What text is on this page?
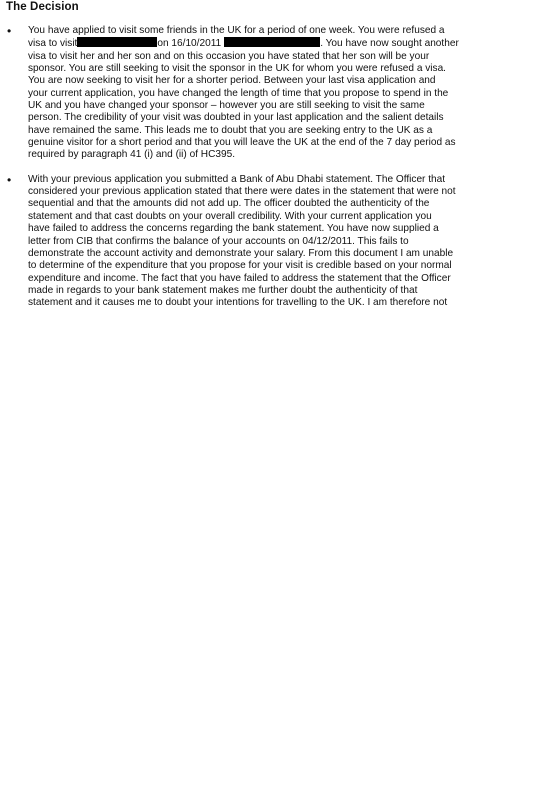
The Decision
• You have applied to visit some friends in the UK for a period of one week. You were refused a
visa to visit	on 16/10/2011	. You have now sought another
visa to visit her and her son and on this occasion you have stated that her son will be your
sponsor. You are still seeking to visit the sponsor in the UK for whom you were refused a visa.
You are now seeking to visit her for a shorter period. Between your last visa application and
your current application, you have changed the length of time that you propose to spend in the
UK and you have changed your sponsor – however you are still seeking to visit the same
person. The credibility of your visit was doubted in your last application and the salient details
have remained the same. This leads me to doubt that you are seeking entry to the UK as a
genuine visitor for a short period and that you will leave the UK at the end of the 7 day period as
required by paragraph 41 (i) and (ii) of HC395.
• With your previous application you submitted a Bank of Abu Dhabi statement. The Officer that
considered your previous application stated that there were dates in the statement that were not
sequential and that the amounts did not add up. The officer doubted the authenticity of the
statement and that cast doubts on your overall credibility. With your current application you
have failed to address the concerns regarding the bank statement. You have now supplied a
letter from CIB that confirms the balance of your accounts on 04/12/2011. This fails to
demonstrate the account activity and demonstrate your salary. From this document I am unable
to determine of the expenditure that you propose for your visit is credible based on your normal
expenditure and income. The fact that you have failed to address the statement that the Officer
made in regards to your bank statement makes me further doubt the authenticity of that
statement and it causes me to doubt your intentions for travelling to the UK. I am therefore not
